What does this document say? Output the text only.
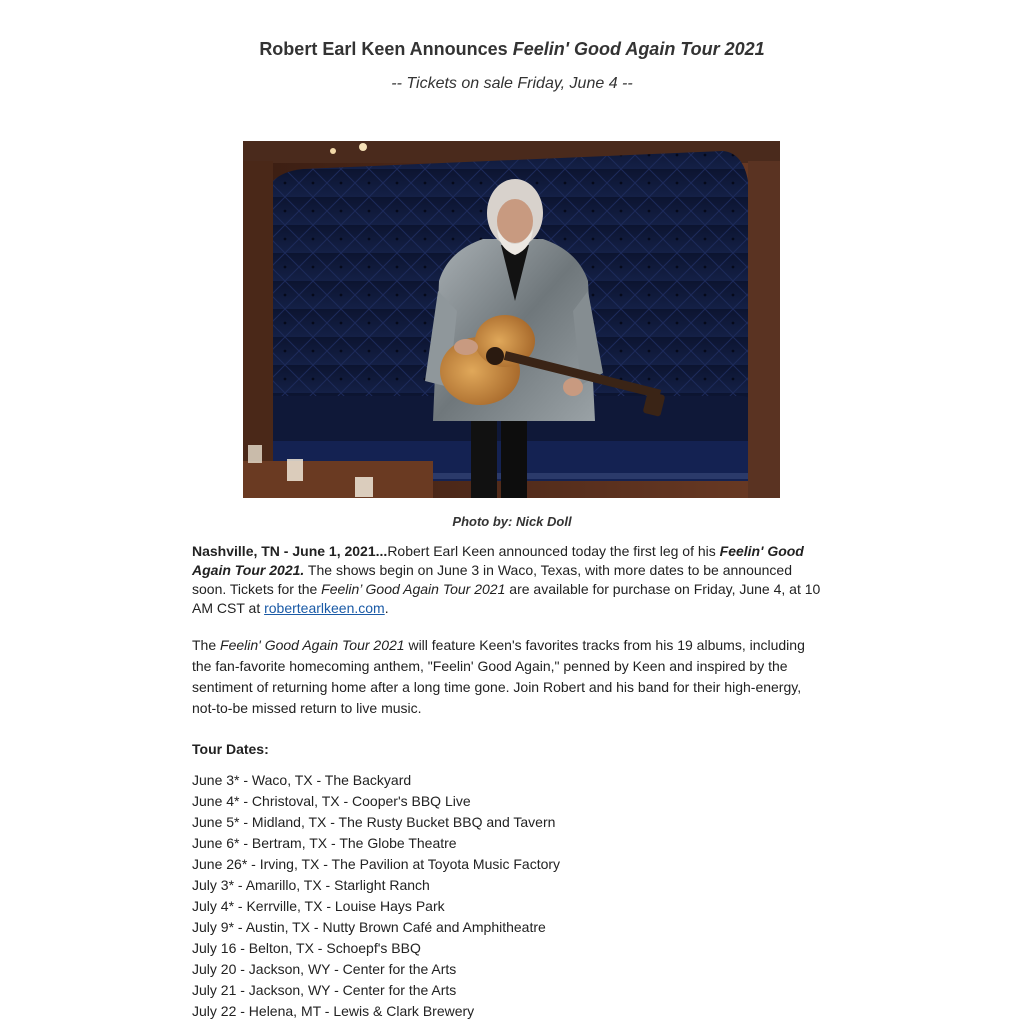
Robert Earl Keen Announces Feelin' Good Again Tour 2021
-- Tickets on sale Friday, June 4 --
Photo by: Nick Doll

Nashville, TN - June 1, 2021...Robert Earl Keen announced today the first leg of his Feelin' Good Again Tour 2021. The shows begin on June 3 in Waco, Texas, with more dates to be announced soon. Tickets for the Feelin’ Good Again Tour 2021 are available for purchase on Friday, June 4, at 10 AM CST at robertearlkeen.com.

The Feelin' Good Again Tour 2021 will feature Keen's favorites tracks from his 19 albums, including the fan-favorite homecoming anthem, "Feelin' Good Again," penned by Keen and inspired by the sentiment of returning home after a long time gone. Join Robert and his band for their high-energy, not-to-be missed return to live music.

Tour Dates:
June 3* - Waco, TX - The Backyard
June 4* - Christoval, TX - Cooper's BBQ Live
June 5* - Midland, TX - The Rusty Bucket BBQ and Tavern
June 6* - Bertram, TX - The Globe Theatre
June 26* - Irving, TX - The Pavilion at Toyota Music Factory
July 3* - Amarillo, TX - Starlight Ranch
July 4* - Kerrville, TX - Louise Hays Park
July 9* - Austin, TX - Nutty Brown Café and Amphitheatre
July 16 - Belton, TX - Schoepf's BBQ
July 20 - Jackson, WY - Center for the Arts
July 21 - Jackson, WY - Center for the Arts
July 22 - Helena, MT - Lewis & Clark Brewery
